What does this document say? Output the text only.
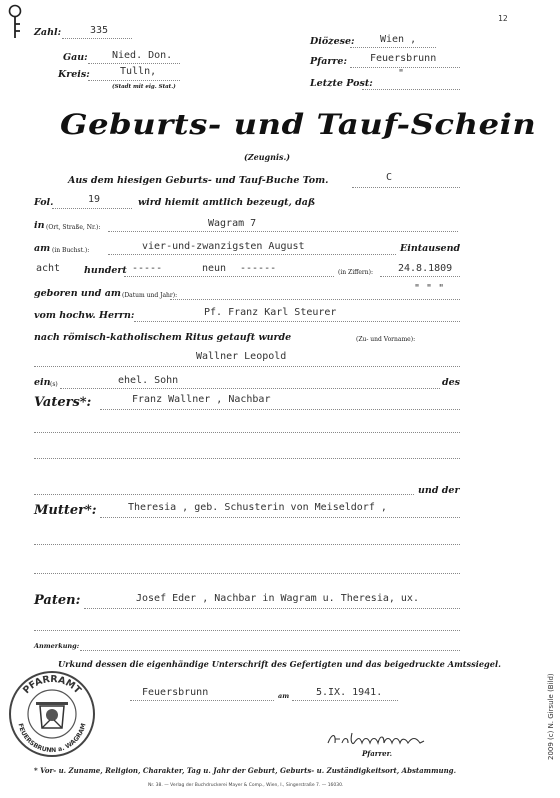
12
Zahl:	335
Gau: Nied. Don.
Kreis:	Tulln,
(Stadt mit eig. Stat.)
Diözese:	Wien ,
Pfarre: Feuersbrunn
Letzte Post:
"
Geburts- und Tauf-Schein
(Zeugnis.)
Aus dem hiesigen Geburts- und Tauf-Buche Tom.	C
Fol.	19	wird hiemit amtlich bezeugt, daß
in (Ort, Straße, Nr.):	Wagram 7
am (in Buchst.):	vier-und-zwanzigsten August	Eintausend
acht	hundert -----	neun ------	(in Ziffern): 24.8.1809
geboren und am (Datum und Jahr):
" " "
vom hochw. Herrn:	Pf. Franz Karl Steurer
nach römisch-katholischem Ritus getauft wurde	(Zu- und Vorname):
Wallner Leopold
ein (s)	ehel. Sohn	des
Vaters*:	Franz Wallner , Nachbar
und der
Mutter*:	Theresia , geb. Schusterin von Meiseldorf ,
Paten:	Josef Eder , Nachbar in Wagram u. Theresia, ux.
Anmerkung:
Urkund dessen die eigenhändige Unterschrift des Gefertigten und das beigedruckte Amtssiegel.
Feuersbrunn	am	5.IX. 1941.
PFARRAMT
FEUERSBRUNN a. WAGRAM
Pfarrer.
* Vor- u. Zuname, Religion, Charakter, Tag u. Jahr der Geburt, Geburts- u. Zuständigkeitsort, Abstammung.
Nr. 38. — Verlag der Buchdruckerei Mayer & Comp., Wien, I., Singerstraße 7. — 16030.
2009 (c) N. Girsule (Bild)
